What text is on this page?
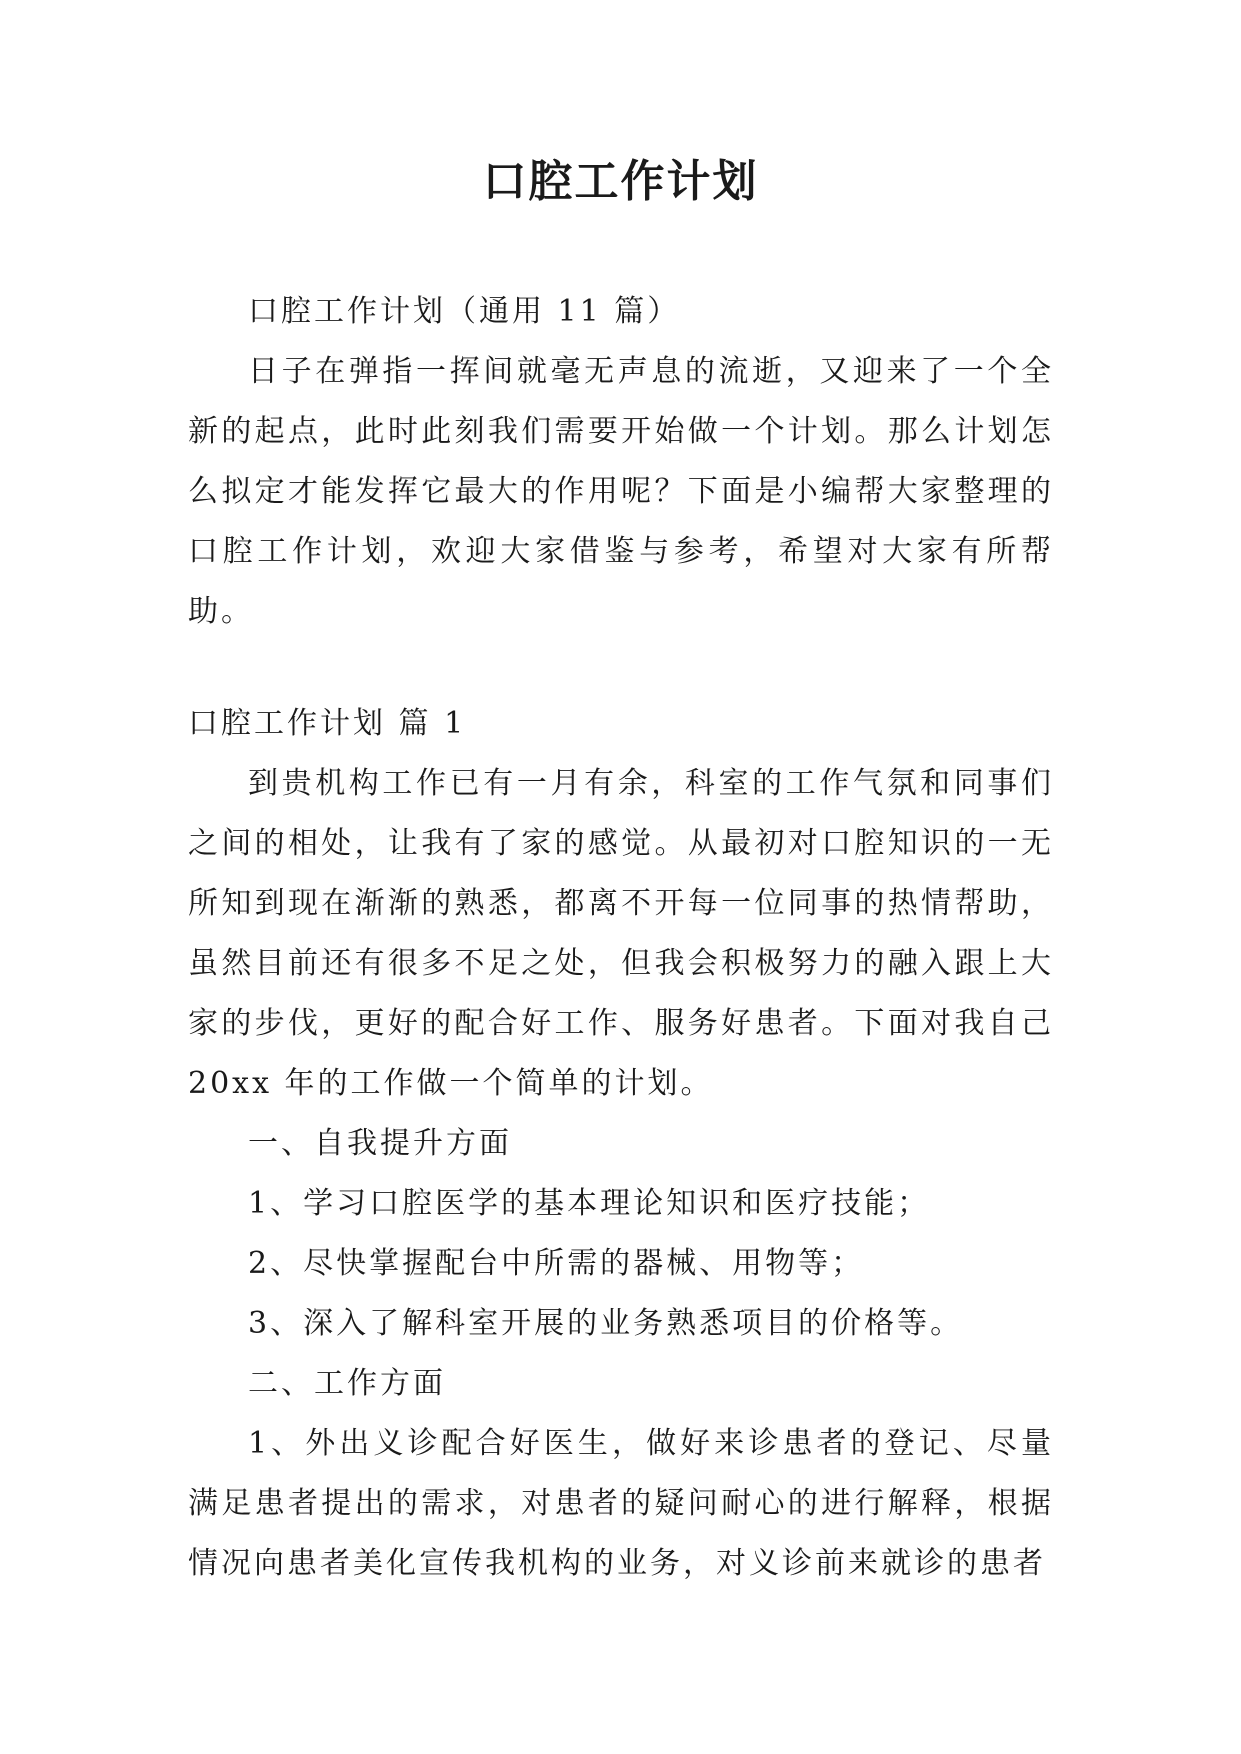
口腔工作计划

口腔工作计划（通用 11 篇）

日子在弹指一挥间就毫无声息的流逝，又迎来了一个全新的起点，此时此刻我们需要开始做一个计划。那么计划怎么拟定才能发挥它最大的作用呢？下面是小编帮大家整理的口腔工作计划，欢迎大家借鉴与参考，希望对大家有所帮助。

口腔工作计划 篇 1

到贵机构工作已有一月有余，科室的工作气氛和同事们之间的相处，让我有了家的感觉。从最初对口腔知识的一无所知到现在渐渐的熟悉，都离不开每一位同事的热情帮助，虽然目前还有很多不足之处，但我会积极努力的融入跟上大家的步伐，更好的配合好工作、服务好患者。下面对我自己 20xx 年的工作做一个简单的计划。

一、自我提升方面

1、学习口腔医学的基本理论知识和医疗技能；

2、尽快掌握配台中所需的器械、用物等；

3、深入了解科室开展的业务熟悉项目的价格等。

二、工作方面

1、外出义诊配合好医生，做好来诊患者的登记、尽量满足患者提出的需求，对患者的疑问耐心的进行解释，根据情况向患者美化宣传我机构的业务，对义诊前来就诊的患者
